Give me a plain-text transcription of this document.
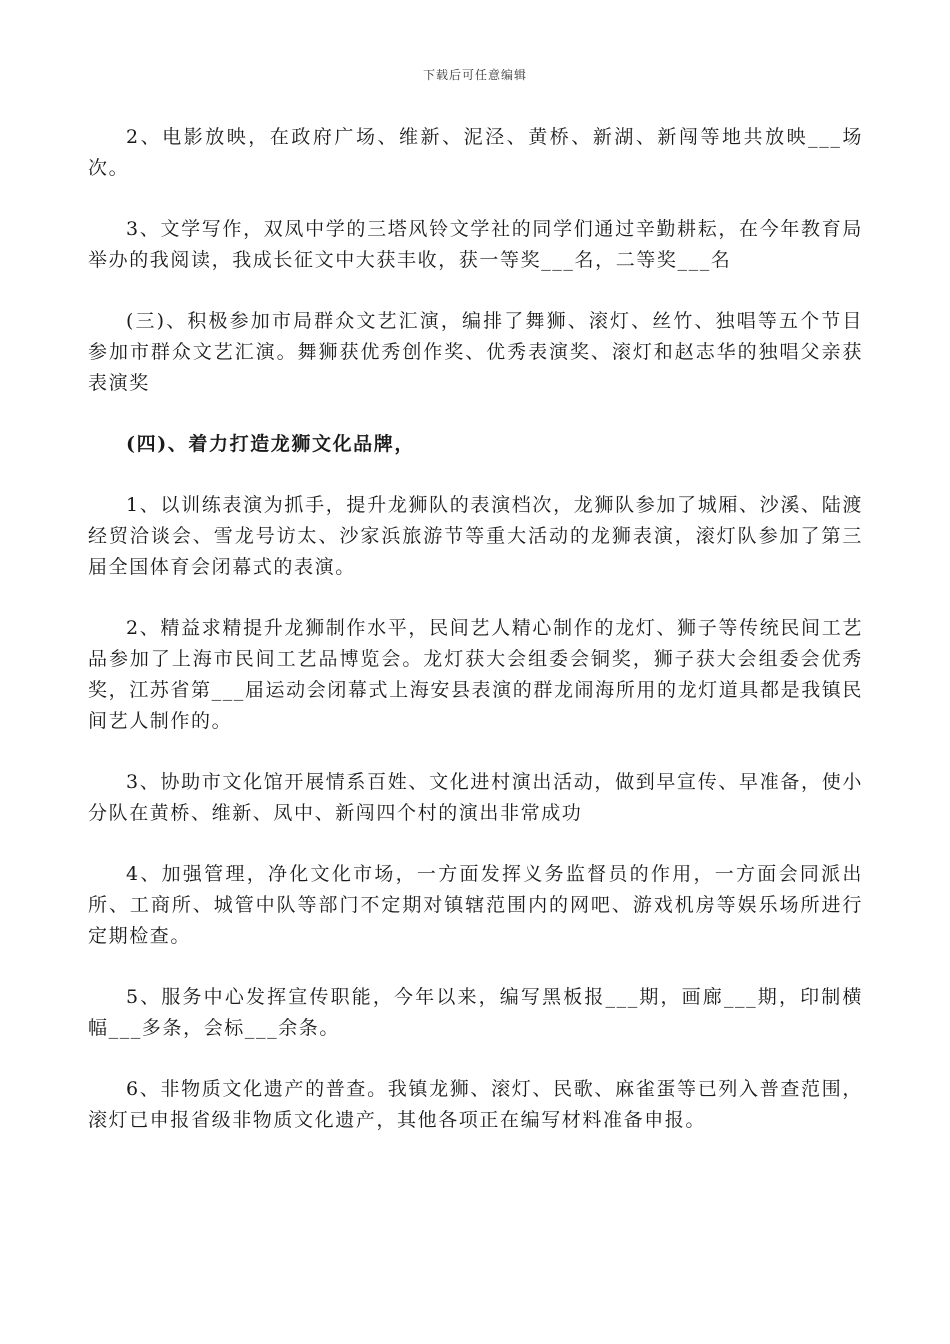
下载后可任意编辑

2、电影放映，在政府广场、维新、泥泾、黄桥、新湖、新闯等地共放映___场次。

3、文学写作，双凤中学的三塔风铃文学社的同学们通过辛勤耕耘，在今年教育局举办的我阅读，我成长征文中大获丰收，获一等奖___名，二等奖___名

(三)、积极参加市局群众文艺汇演，编排了舞狮、滚灯、丝竹、独唱等五个节目参加市群众文艺汇演。舞狮获优秀创作奖、优秀表演奖、滚灯和赵志华的独唱父亲获表演奖

(四)、着力打造龙狮文化品牌，

1、以训练表演为抓手，提升龙狮队的表演档次，龙狮队参加了城厢、沙溪、陆渡经贸洽谈会、雪龙号访太、沙家浜旅游节等重大活动的龙狮表演，滚灯队参加了第三届全国体育会闭幕式的表演。

2、精益求精提升龙狮制作水平，民间艺人精心制作的龙灯、狮子等传统民间工艺品参加了上海市民间工艺品博览会。龙灯获大会组委会铜奖，狮子获大会组委会优秀奖，江苏省第___届运动会闭幕式上海安县表演的群龙闹海所用的龙灯道具都是我镇民间艺人制作的。

3、协助市文化馆开展情系百姓、文化进村演出活动，做到早宣传、早准备，使小分队在黄桥、维新、凤中、新闯四个村的演出非常成功

4、加强管理，净化文化市场，一方面发挥义务监督员的作用，一方面会同派出所、工商所、城管中队等部门不定期对镇辖范围内的网吧、游戏机房等娱乐场所进行定期检查。

5、服务中心发挥宣传职能，今年以来，编写黑板报___期，画廊___期，印制横幅___多条，会标___余条。

6、非物质文化遗产的普查。我镇龙狮、滚灯、民歌、麻雀蛋等已列入普查范围，滚灯已申报省级非物质文化遗产，其他各项正在编写材料准备申报。
